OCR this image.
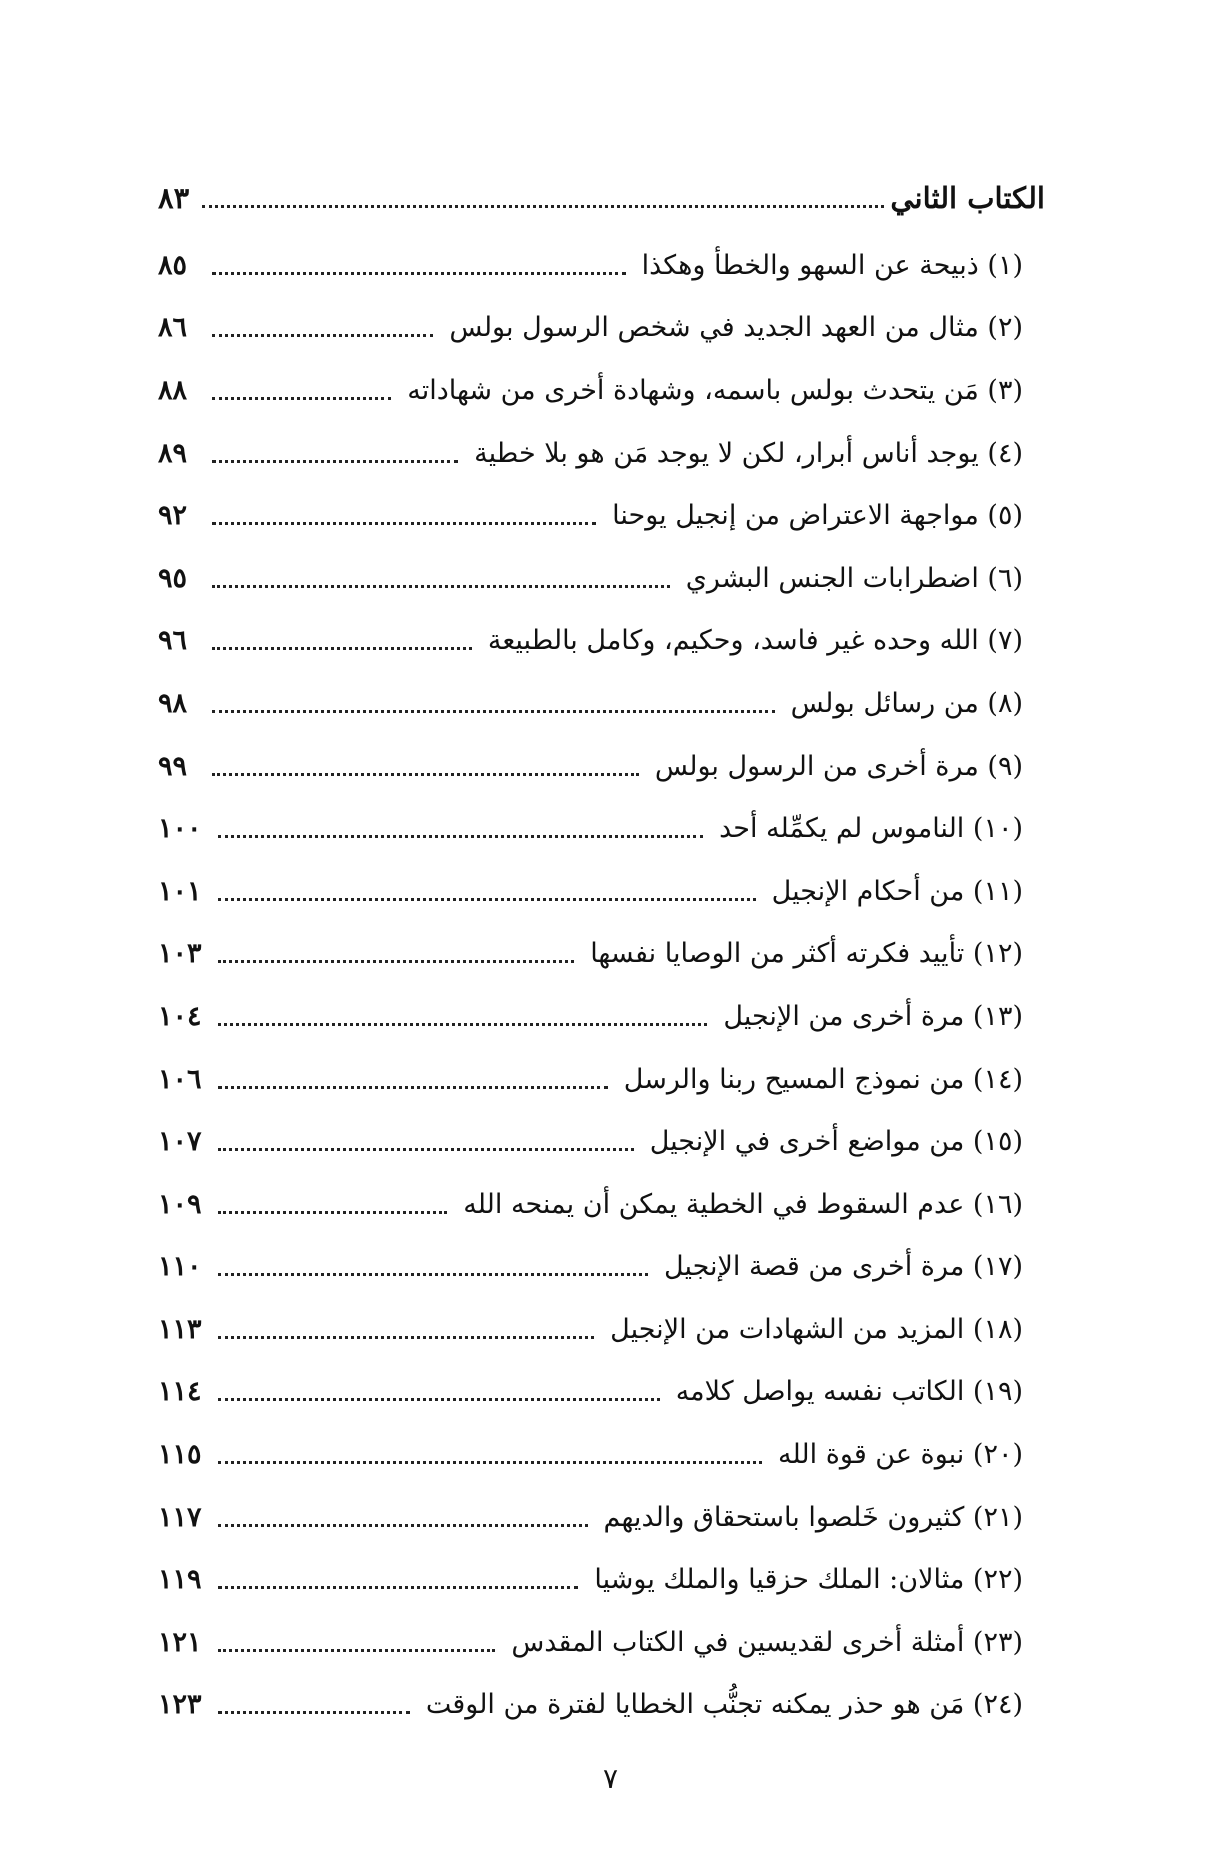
الكتاب الثاني
٨٣
(١) ذبيحة عن السهو والخطأ وهكذا
٨٥
(٢) مثال من العهد الجديد في شخص الرسول بولس
٨٦
(٣) مَن يتحدث بولس باسمه، وشهادة أخرى من شهاداته
٨٨
(٤) يوجد أناس أبرار، لكن لا يوجد مَن هو بلا خطية
٨٩
(٥) مواجهة الاعتراض من إنجيل يوحنا
٩٢
(٦) اضطرابات الجنس البشري
٩٥
(٧) الله وحده غير فاسد، وحكيم، وكامل بالطبيعة
٩٦
(٨) من رسائل بولس
٩٨
(٩) مرة أخرى من الرسول بولس
٩٩
(١٠) الناموس لم يكمِّله أحد
١٠٠
(١١) من أحكام الإنجيل
١٠١
(١٢) تأييد فكرته أكثر من الوصايا نفسها
١٠٣
(١٣) مرة أخرى من الإنجيل
١٠٤
(١٤) من نموذج المسيح ربنا والرسل
١٠٦
(١٥) من مواضع أخرى في الإنجيل
١٠٧
(١٦) عدم السقوط في الخطية يمكن أن يمنحه الله
١٠٩
(١٧) مرة أخرى من قصة الإنجيل
١١٠
(١٨) المزيد من الشهادات من الإنجيل
١١٣
(١٩) الكاتب نفسه يواصل كلامه
١١٤
(٢٠) نبوة عن قوة الله
١١٥
(٢١) كثيرون خَلصوا باستحقاق والديهم
١١٧
(٢٢) مثالان: الملك حزقيا والملك يوشيا
١١٩
(٢٣) أمثلة أخرى لقديسين في الكتاب المقدس
١٢١
(٢٤) مَن هو حذر يمكنه تجنُّب الخطايا لفترة من الوقت
١٢٣
٧
